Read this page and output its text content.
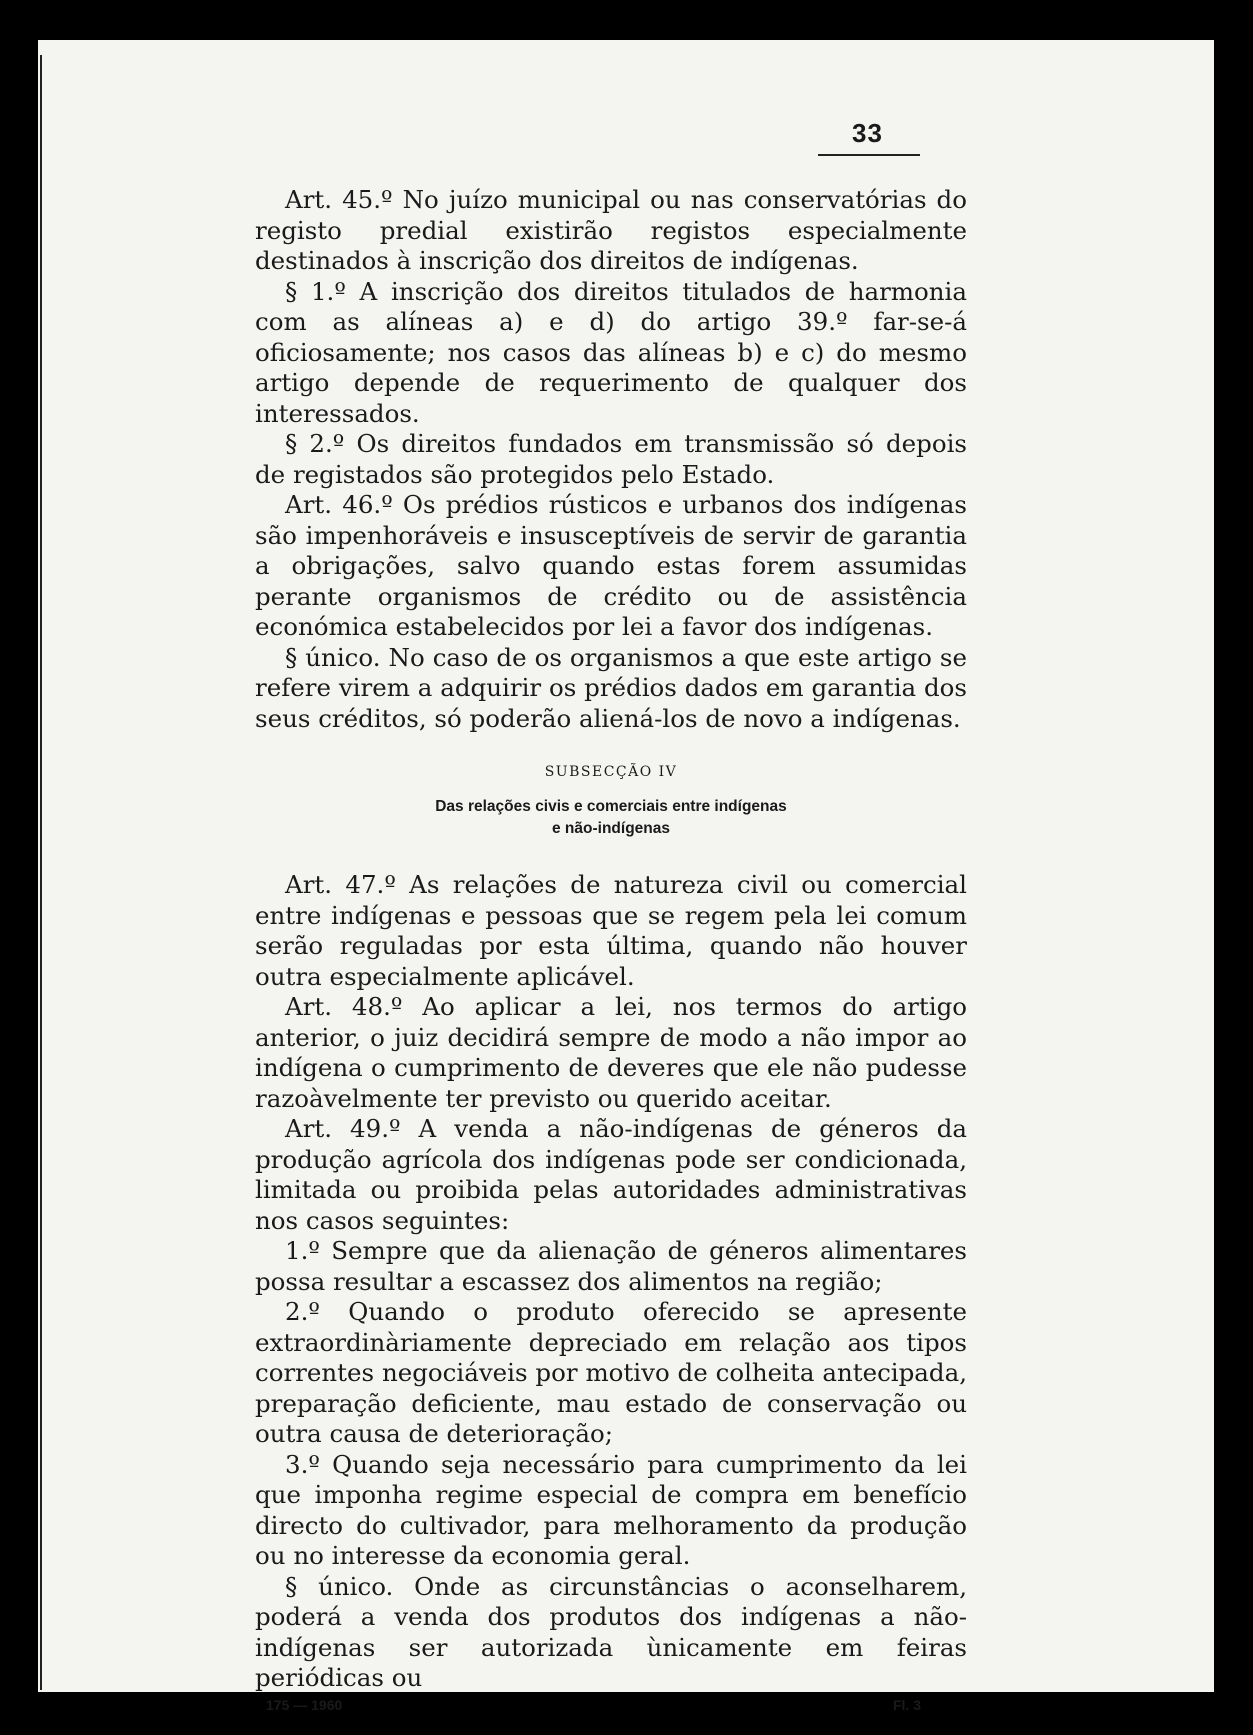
33

Art. 45.º No juízo municipal ou nas conservatórias do registo predial existirão registos especialmente destinados à inscrição dos direitos de indígenas.

§ 1.º A inscrição dos direitos titulados de harmonia com as alíneas a) e d) do artigo 39.º far-se-á oficiosamente; nos casos das alíneas b) e c) do mesmo artigo depende de requerimento de qualquer dos interessados.

§ 2.º Os direitos fundados em transmissão só depois de registados são protegidos pelo Estado.

Art. 46.º Os prédios rústicos e urbanos dos indígenas são impenhoráveis e insusceptíveis de servir de garantia a obrigações, salvo quando estas forem assumidas perante organismos de crédito ou de assistência económica estabelecidos por lei a favor dos indígenas.

§ único. No caso de os organismos a que este artigo se refere virem a adquirir os prédios dados em garantia dos seus créditos, só poderão aliená-los de novo a indígenas.

SUBSECÇÃO IV
Das relações civis e comerciais entre indígenas
e não-indígenas

Art. 47.º As relações de natureza civil ou comercial entre indígenas e pessoas que se regem pela lei comum serão reguladas por esta última, quando não houver outra especialmente aplicável.

Art. 48.º Ao aplicar a lei, nos termos do artigo anterior, o juiz decidirá sempre de modo a não impor ao indígena o cumprimento de deveres que ele não pudesse razoàvelmente ter previsto ou querido aceitar.

Art. 49.º A venda a não-indígenas de géneros da produção agrícola dos indígenas pode ser condicionada, limitada ou proibida pelas autoridades administrativas nos casos seguintes:

1.º Sempre que da alienação de géneros alimentares possa resultar a escassez dos alimentos na região;

2.º Quando o produto oferecido se apresente extraordinàriamente depreciado em relação aos tipos correntes negociáveis por motivo de colheita antecipada, preparação deficiente, mau estado de conservação ou outra causa de deterioração;

3.º Quando seja necessário para cumprimento da lei que imponha regime especial de compra em benefício directo do cultivador, para melhoramento da produção ou no interesse da economia geral.

§ único. Onde as circunstâncias o aconselharem, poderá a venda dos produtos dos indígenas a não-indígenas ser autorizada ùnicamente em feiras periódicas ou

175 — 1960	Fl. 3
